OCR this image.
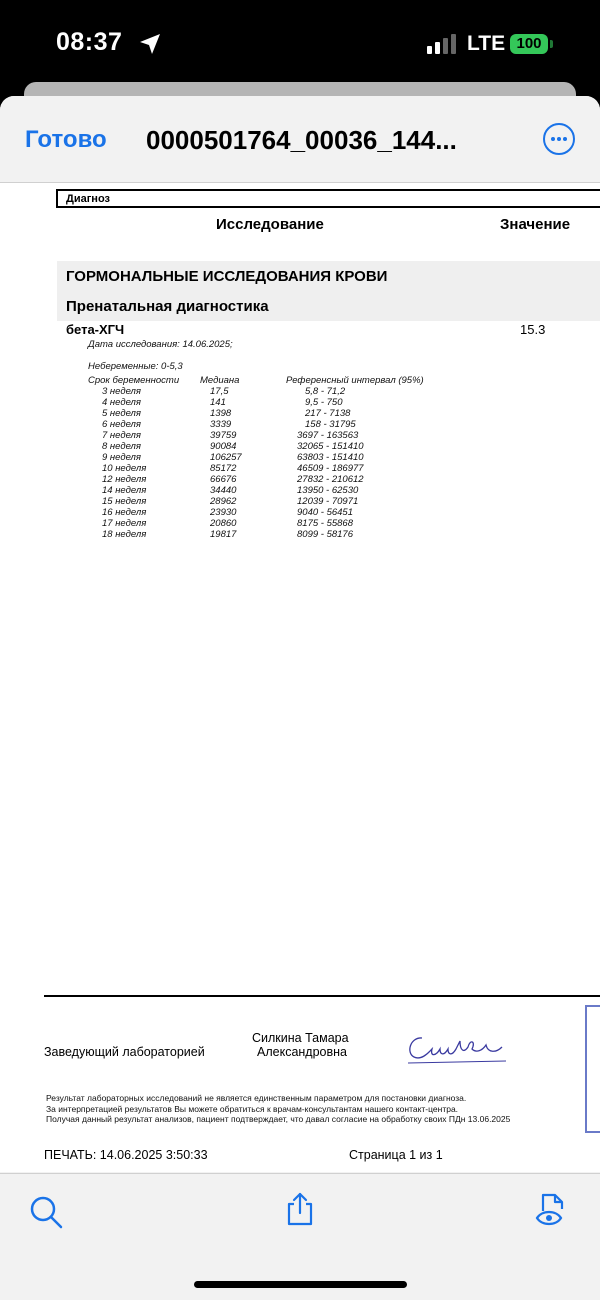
08:37	LTE 100
Готово 0000501764_00036_144...
Диагноз
Исследование	Значение
ГОРМОНАЛЬНЫЕ ИССЛЕДОВАНИЯ КРОВИ
Пренатальная диагностика
бета-ХГЧ	15.3
Дата исследования: 14.06.2025;
Небеременные: 0-5,3
Срок беременности Медиана	Референсный интервал (95%)
3 неделя	17,5	5,8 - 71,2
4 неделя	141	9,5 - 750
5 неделя	1398	217 - 7138
6 неделя	3339	158 - 31795
7 неделя	39759	3697 - 163563
8 неделя	90084	32065 - 151410
9 неделя	106257	63803 - 151410
10 неделя	85172	46509 - 186977
12 неделя	66676	27832 - 210612
14 неделя	34440	13950 - 62530
15 неделя	28962	12039 - 70971
16 неделя	23930	9040 - 56451
17 неделя	20860	8175 - 55868
18 неделя	19817	8099 - 58176
Заведующий лабораторией
Силкина Тамара
Александровна
Результат лабораторных исследований не является единственным параметром для постановки диагноза.
За интерпретацией результатов Вы можете обратиться к врачам-консультантам нашего контакт-центра.
Получая данный результат анализов, пациент подтверждает, что давал согласие на обработку своих ПДн 13.06.2025
ПЕЧАТЬ: 14.06.2025 3:50:33	Страница 1 из 1
